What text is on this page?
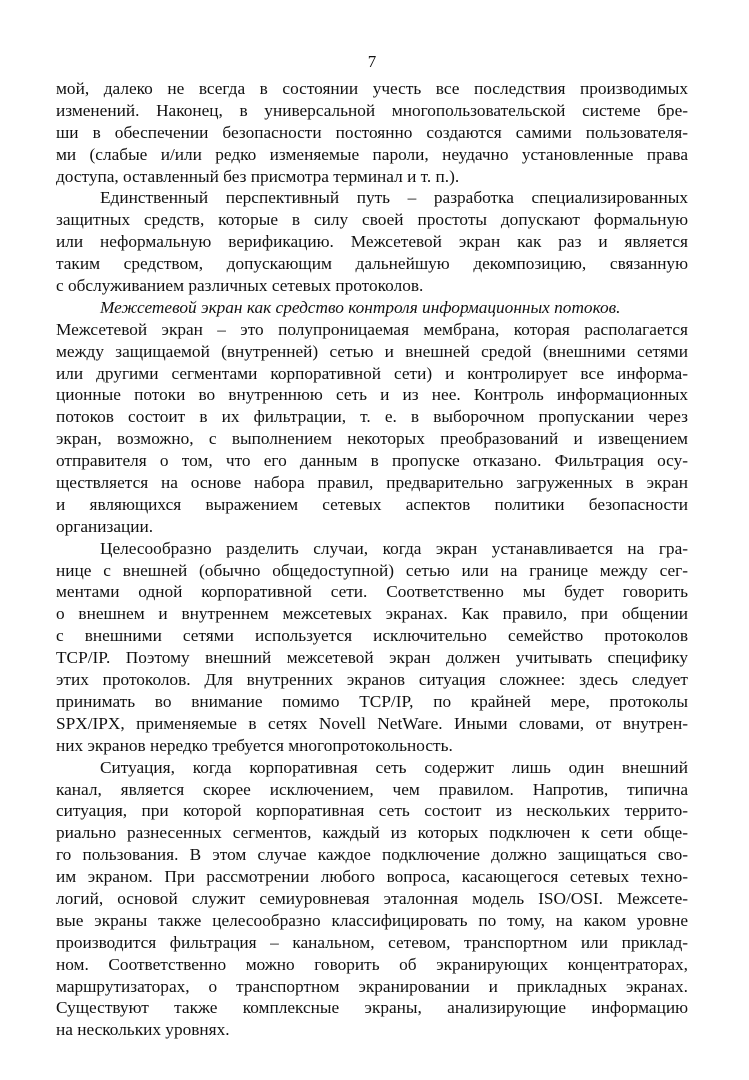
7
мой, далеко не всегда в состоянии учесть все последствия производимых
изменений. Наконец, в универсальной многопользовательской системе бре-
ши в обеспечении безопасности постоянно создаются самими пользователя-
ми (слабые и/или редко изменяемые пароли, неудачно установленные права
доступа, оставленный без присмотра терминал и т. п.).
Единственный перспективный путь – разработка специализированных
защитных средств, которые в силу своей простоты допускают формальную
или неформальную верификацию. Межсетевой экран как раз и является
таким средством, допускающим дальнейшую декомпозицию, связанную
с обслуживанием различных сетевых протоколов.
Межсетевой экран как средство контроля информационных потоков.
Межсетевой экран – это полупроницаемая мембрана, которая располагается
между защищаемой (внутренней) сетью и внешней средой (внешними сетями
или другими сегментами корпоративной сети) и контролирует все информа-
ционные потоки во внутреннюю сеть и из нее. Контроль информационных
потоков состоит в их фильтрации, т. е. в выборочном пропускании через
экран, возможно, с выполнением некоторых преобразований и извещением
отправителя о том, что его данным в пропуске отказано. Фильтрация осу-
ществляется на основе набора правил, предварительно загруженных в экран
и являющихся выражением сетевых аспектов политики безопасности
организации.
Целесообразно разделить случаи, когда экран устанавливается на гра-
нице с внешней (обычно общедоступной) сетью или на границе между сег-
ментами одной корпоративной сети. Соответственно мы будет говорить
о внешнем и внутреннем межсетевых экранах. Как правило, при общении
с внешними сетями используется исключительно семейство протоколов
TCP/IP. Поэтому внешний межсетевой экран должен учитывать специфику
этих протоколов. Для внутренних экранов ситуация сложнее: здесь следует
принимать во внимание помимо TCP/IP, по крайней мере, протоколы
SPX/IPX, применяемые в сетях Novell NetWare. Иными словами, от внутрен-
них экранов нередко требуется многопротокольность.
Ситуация, когда корпоративная сеть содержит лишь один внешний
канал, является скорее исключением, чем правилом. Напротив, типична
ситуация, при которой корпоративная сеть состоит из нескольких террито-
риально разнесенных сегментов, каждый из которых подключен к сети обще-
го пользования. В этом случае каждое подключение должно защищаться сво-
им экраном. При рассмотрении любого вопроса, касающегося сетевых техно-
логий, основой служит семиуровневая эталонная модель ISO/OSI. Межсете-
вые экраны также целесообразно классифицировать по тому, на каком уровне
производится фильтрация – канальном, сетевом, транспортном или приклад-
ном. Соответственно можно говорить об экранирующих концентраторах,
маршрутизаторах, о транспортном экранировании и прикладных экранах.
Существуют также комплексные экраны, анализирующие информацию
на нескольких уровнях.
